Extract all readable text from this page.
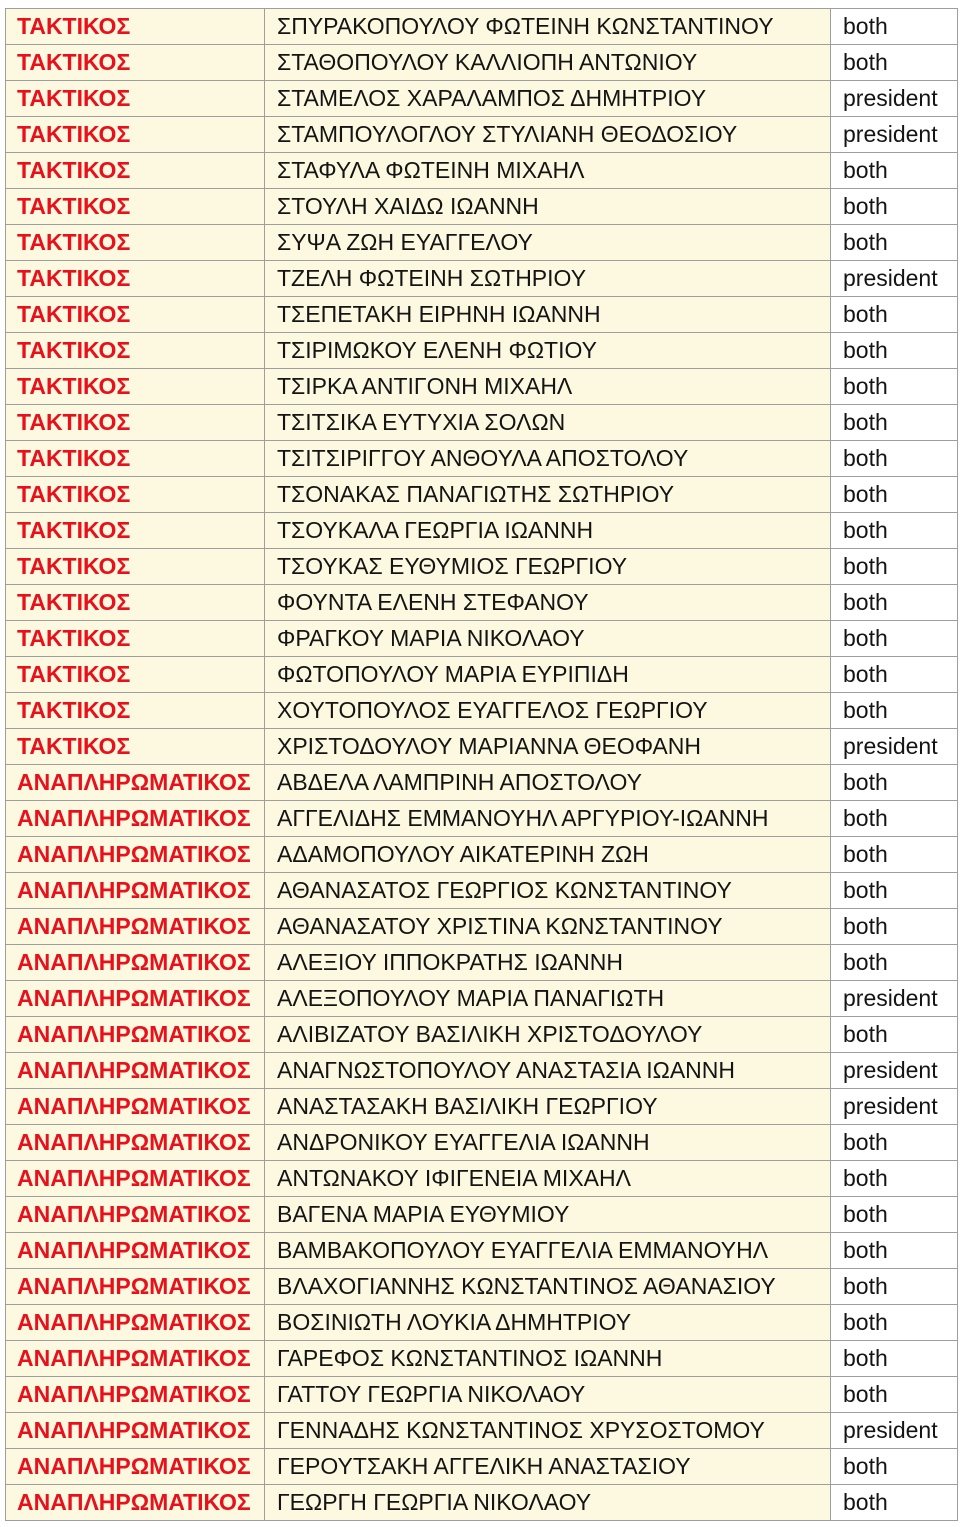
ΤΑΚΤΙΚΟΣ	ΣΠΥΡΑΚΟΠΟΥΛΟΥ ΦΩΤΕΙΝΗ ΚΩΝΣΤΑΝΤΙΝΟΥ	both
ΤΑΚΤΙΚΟΣ	ΣΤΑΘΟΠΟΥΛΟΥ ΚΑΛΛΙΟΠΗ ΑΝΤΩΝΙΟΥ	both
ΤΑΚΤΙΚΟΣ	ΣΤΑΜΕΛΟΣ ΧΑΡΑΛΑΜΠΟΣ ΔΗΜΗΤΡΙΟΥ	president
ΤΑΚΤΙΚΟΣ	ΣΤΑΜΠΟΥΛΟΓΛΟΥ ΣΤΥΛΙΑΝΗ ΘΕΟΔΟΣΙΟΥ	president
ΤΑΚΤΙΚΟΣ	ΣΤΑΦΥΛΑ ΦΩΤΕΙΝΗ ΜΙΧΑΗΛ	both
ΤΑΚΤΙΚΟΣ	ΣΤΟΥΛΗ ΧΑΙΔΩ ΙΩΑΝΝΗ	both
ΤΑΚΤΙΚΟΣ	ΣΥΨΑ ΖΩΗ ΕΥΑΓΓΕΛΟΥ	both
ΤΑΚΤΙΚΟΣ	ΤΖΕΛΗ ΦΩΤΕΙΝΗ ΣΩΤΗΡΙΟΥ	president
ΤΑΚΤΙΚΟΣ	ΤΣΕΠΕΤΑΚΗ ΕΙΡΗΝΗ ΙΩΑΝΝΗ	both
ΤΑΚΤΙΚΟΣ	ΤΣΙΡΙΜΩΚΟΥ ΕΛΕΝΗ ΦΩΤΙΟΥ	both
ΤΑΚΤΙΚΟΣ	ΤΣΙΡΚΑ ΑΝΤΙΓΟΝΗ ΜΙΧΑΗΛ	both
ΤΑΚΤΙΚΟΣ	ΤΣΙΤΣΙΚΑ ΕΥΤΥΧΙΑ ΣΟΛΩΝ	both
ΤΑΚΤΙΚΟΣ	ΤΣΙΤΣΙΡΙΓΓΟΥ ΑΝΘΟΥΛΑ ΑΠΟΣΤΟΛΟΥ	both
ΤΑΚΤΙΚΟΣ	ΤΣΟΝΑΚΑΣ ΠΑΝΑΓΙΩΤΗΣ ΣΩΤΗΡΙΟΥ	both
ΤΑΚΤΙΚΟΣ	ΤΣΟΥΚΑΛΑ ΓΕΩΡΓΙΑ ΙΩΑΝΝΗ	both
ΤΑΚΤΙΚΟΣ	ΤΣΟΥΚΑΣ ΕΥΘΥΜΙΟΣ ΓΕΩΡΓΙΟΥ	both
ΤΑΚΤΙΚΟΣ	ΦΟΥΝΤΑ ΕΛΕΝΗ ΣΤΕΦΑΝΟΥ	both
ΤΑΚΤΙΚΟΣ	ΦΡΑΓΚΟΥ ΜΑΡΙΑ ΝΙΚΟΛΑΟΥ	both
ΤΑΚΤΙΚΟΣ	ΦΩΤΟΠΟΥΛΟΥ ΜΑΡΙΑ ΕΥΡΙΠΙΔΗ	both
ΤΑΚΤΙΚΟΣ	ΧΟΥΤΟΠΟΥΛΟΣ ΕΥΑΓΓΕΛΟΣ ΓΕΩΡΓΙΟΥ	both
ΤΑΚΤΙΚΟΣ	ΧΡΙΣΤΟΔΟΥΛΟΥ ΜΑΡΙΑΝΝΑ ΘΕΟΦΑΝΗ	president
ΑΝΑΠΛΗΡΩΜΑΤΙΚΟΣ	ΑΒΔΕΛΑ ΛΑΜΠΡΙΝΗ ΑΠΟΣΤΟΛΟΥ	both
ΑΝΑΠΛΗΡΩΜΑΤΙΚΟΣ	ΑΓΓΕΛΙΔΗΣ ΕΜΜΑΝΟΥΗΛ ΑΡΓΥΡΙΟΥ-ΙΩΑΝΝΗ	both
ΑΝΑΠΛΗΡΩΜΑΤΙΚΟΣ	ΑΔΑΜΟΠΟΥΛΟΥ ΑΙΚΑΤΕΡΙΝΗ ΖΩΗ	both
ΑΝΑΠΛΗΡΩΜΑΤΙΚΟΣ	ΑΘΑΝΑΣΑΤΟΣ ΓΕΩΡΓΙΟΣ ΚΩΝΣΤΑΝΤΙΝΟΥ	both
ΑΝΑΠΛΗΡΩΜΑΤΙΚΟΣ	ΑΘΑΝΑΣΑΤΟΥ ΧΡΙΣΤΙΝΑ ΚΩΝΣΤΑΝΤΙΝΟΥ	both
ΑΝΑΠΛΗΡΩΜΑΤΙΚΟΣ	ΑΛΕΞΙΟΥ ΙΠΠΟΚΡΑΤΗΣ ΙΩΑΝΝΗ	both
ΑΝΑΠΛΗΡΩΜΑΤΙΚΟΣ	ΑΛΕΞΟΠΟΥΛΟΥ ΜΑΡΙΑ ΠΑΝΑΓΙΩΤΗ	president
ΑΝΑΠΛΗΡΩΜΑΤΙΚΟΣ	ΑΛΙΒΙΖΑΤΟΥ ΒΑΣΙΛΙΚΗ ΧΡΙΣΤΟΔΟΥΛΟΥ	both
ΑΝΑΠΛΗΡΩΜΑΤΙΚΟΣ	ΑΝΑΓΝΩΣΤΟΠΟΥΛΟΥ ΑΝΑΣΤΑΣΙΑ ΙΩΑΝΝΗ	president
ΑΝΑΠΛΗΡΩΜΑΤΙΚΟΣ	ΑΝΑΣΤΑΣΑΚΗ ΒΑΣΙΛΙΚΗ ΓΕΩΡΓΙΟΥ	president
ΑΝΑΠΛΗΡΩΜΑΤΙΚΟΣ	ΑΝΔΡΟΝΙΚΟΥ ΕΥΑΓΓΕΛΙΑ ΙΩΑΝΝΗ	both
ΑΝΑΠΛΗΡΩΜΑΤΙΚΟΣ	ΑΝΤΩΝΑΚΟΥ ΙΦΙΓΕΝΕΙΑ ΜΙΧΑΗΛ	both
ΑΝΑΠΛΗΡΩΜΑΤΙΚΟΣ	ΒΑΓΕΝΑ ΜΑΡΙΑ ΕΥΘΥΜΙΟΥ	both
ΑΝΑΠΛΗΡΩΜΑΤΙΚΟΣ	ΒΑΜΒΑΚΟΠΟΥΛΟΥ ΕΥΑΓΓΕΛΙΑ ΕΜΜΑΝΟΥΗΛ	both
ΑΝΑΠΛΗΡΩΜΑΤΙΚΟΣ	ΒΛΑΧΟΓΙΑΝΝΗΣ ΚΩΝΣΤΑΝΤΙΝΟΣ ΑΘΑΝΑΣΙΟΥ	both
ΑΝΑΠΛΗΡΩΜΑΤΙΚΟΣ	ΒΟΣΙΝΙΩΤΗ ΛΟΥΚΙΑ ΔΗΜΗΤΡΙΟΥ	both
ΑΝΑΠΛΗΡΩΜΑΤΙΚΟΣ	ΓΑΡΕΦΟΣ ΚΩΝΣΤΑΝΤΙΝΟΣ ΙΩΑΝΝΗ	both
ΑΝΑΠΛΗΡΩΜΑΤΙΚΟΣ	ΓΑΤΤΟΥ ΓΕΩΡΓΙΑ ΝΙΚΟΛΑΟΥ	both
ΑΝΑΠΛΗΡΩΜΑΤΙΚΟΣ	ΓΕΝΝΑΔΗΣ ΚΩΝΣΤΑΝΤΙΝΟΣ ΧΡΥΣΟΣΤΟΜΟΥ	president
ΑΝΑΠΛΗΡΩΜΑΤΙΚΟΣ	ΓΕΡΟΥΤΣΑΚΗ ΑΓΓΕΛΙΚΗ ΑΝΑΣΤΑΣΙΟΥ	both
ΑΝΑΠΛΗΡΩΜΑΤΙΚΟΣ	ΓΕΩΡΓΗ ΓΕΩΡΓΙΑ ΝΙΚΟΛΑΟΥ	both
